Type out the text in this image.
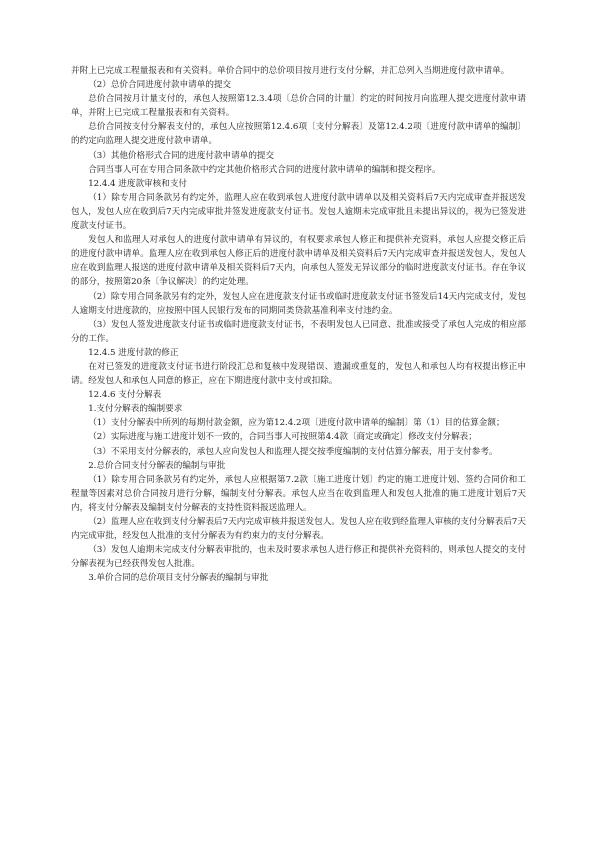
并附上已完成工程量报表和有关资料。单价合同中的总价项目按月进行支付分解，并汇总列入当期进度付款申请单。

（2）总价合同进度付款申请单的提交

总价合同按月计量支付的，承包人按照第12.3.4项〔总价合同的计量〕约定的时间按月向监理人提交进度付款申请单，并附上已完成工程量报表和有关资料。

总价合同按支付分解表支付的，承包人应按照第12.4.6项〔支付分解表〕及第12.4.2项〔进度付款申请单的编制〕的约定向监理人提交进度付款申请单。

（3）其他价格形式合同的进度付款申请单的提交

合同当事人可在专用合同条款中约定其他价格形式合同的进度付款申请单的编制和提交程序。

12.4.4 进度款审核和支付

（1）除专用合同条款另有约定外，监理人应在收到承包人进度付款申请单以及相关资料后7天内完成审查并报送发包人，发包人应在收到后7天内完成审批并签发进度款支付证书。发包人逾期未完成审批且未提出异议的，视为已签发进度款支付证书。

发包人和监理人对承包人的进度付款申请单有异议的，有权要求承包人修正和提供补充资料，承包人应提交修正后的进度付款申请单。监理人应在收到承包人修正后的进度付款申请单及相关资料后7天内完成审查并报送发包人，发包人应在收到监理人报送的进度付款申请单及相关资料后7天内，向承包人签发无异议部分的临时进度款支付证书。存在争议的部分，按照第20条〔争议解决〕的约定处理。

（2）除专用合同条款另有约定外，发包人应在进度款支付证书或临时进度款支付证书签发后14天内完成支付，发包人逾期支付进度款的，应按照中国人民银行发布的同期同类贷款基准利率支付违约金。

（3）发包人签发进度款支付证书或临时进度款支付证书，不表明发包人已同意、批准或接受了承包人完成的相应部分的工作。

12.4.5 进度付款的修正

在对已签发的进度款支付证书进行阶段汇总和复核中发现错误、遗漏或重复的，发包人和承包人均有权提出修正申请。经发包人和承包人同意的修正，应在下期进度付款中支付或扣除。

12.4.6 支付分解表

1.支付分解表的编制要求

（1）支付分解表中所列的每期付款金额，应为第12.4.2项〔进度付款申请单的编制〕第（1）目的估算金额；

（2）实际进度与施工进度计划不一致的，合同当事人可按照第4.4款〔商定或确定〕修改支付分解表；

（3）不采用支付分解表的，承包人应向发包人和监理人提交按季度编制的支付估算分解表，用于支付参考。

2.总价合同支付分解表的编制与审批

（1）除专用合同条款另有约定外，承包人应根据第7.2款〔施工进度计划〕约定的施工进度计划、签约合同价和工程量等因素对总价合同按月进行分解，编制支付分解表。承包人应当在收到监理人和发包人批准的施工进度计划后7天内，将支付分解表及编制支付分解表的支持性资料报送监理人。

（2）监理人应在收到支付分解表后7天内完成审核并报送发包人。发包人应在收到经监理人审核的支付分解表后7天内完成审批，经发包人批准的支付分解表为有约束力的支付分解表。

（3）发包人逾期未完成支付分解表审批的，也未及时要求承包人进行修正和提供补充资料的，则承包人提交的支付分解表视为已经获得发包人批准。

3.单价合同的总价项目支付分解表的编制与审批
